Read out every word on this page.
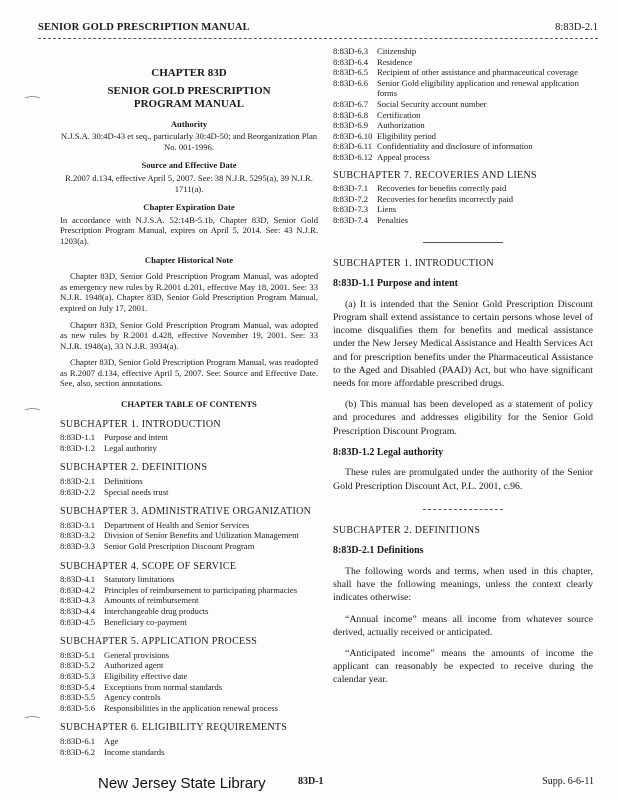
SENIOR GOLD PRESCRIPTION MANUAL	8:83D-2.1
CHAPTER 83D
SENIOR GOLD PRESCRIPTION PROGRAM MANUAL
Authority
N.J.S.A. 30:4D-43 et seq., particularly 30:4D-50; and Reorganization Plan No. 001-1996.
Source and Effective Date
R.2007 d.134, effective April 5, 2007. See: 38 N.J.R. 5295(a), 39 N.J.R. 1711(a).
Chapter Expiration Date
In accordance with N.J.S.A. 52:14B-5.1b, Chapter 83D, Senior Gold Prescription Program Manual, expires on April 5, 2014. See: 43 N.J.R. 1203(a).
Chapter Historical Note
Chapter 83D, Senior Gold Prescription Program Manual, was adopted as emergency new rules by R.2001 d.201, effective May 18, 2001. See: 33 N.J.R. 1948(a). Chapter 83D, Senior Gold Prescription Program Manual, expired on July 17, 2001.
Chapter 83D, Senior Gold Prescription Program Manual, was adopted as new rules by R.2001 d.428, effective November 19, 2001. See: 33 N.J.R. 1948(a), 33 N.J.R. 3934(a).
Chapter 83D, Senior Gold Prescription Program Manual, was readopted as R.2007 d.134, effective April 5, 2007. See: Source and Effective Date. See, also, section annotations.
CHAPTER TABLE OF CONTENTS
SUBCHAPTER 1. INTRODUCTION
8:83D-1.1	Purpose and intent
8:83D-1.2	Legal authority
SUBCHAPTER 2. DEFINITIONS
8:83D-2.1	Definitions
8:83D-2.2	Special needs trust
SUBCHAPTER 3. ADMINISTRATIVE ORGANIZATION
8:83D-3.1	Department of Health and Senior Services
8:83D-3.2	Division of Senior Benefits and Utilization Management
8:83D-3.3	Senior Gold Prescription Discount Program
SUBCHAPTER 4. SCOPE OF SERVICE
8:83D-4.1	Statutory limitations
8:83D-4.2	Principles of reimbursement to participating pharmacies
8:83D-4.3	Amounts of reimbursement
8:83D-4.4	Interchangeable drug products
8:83D-4.5	Beneficiary co-payment
SUBCHAPTER 5. APPLICATION PROCESS
8:83D-5.1	General provisions
8:83D-5.2	Authorized agent
8:83D-5.3	Eligibility effective date
8:83D-5.4	Exceptions from normal standards
8:83D-5.5	Agency controls
8:83D-5.6	Responsibilities in the application renewal process
SUBCHAPTER 6. ELIGIBILITY REQUIREMENTS
8:83D-6.1	Age
8:83D-6.2	Income standards
8:83D-6.3	Citizenship
8:83D-6.4	Residence
8:83D-6.5	Recipient of other assistance and pharmaceutical coverage
8:83D-6.6	Senior Gold eligibility application and renewal application forms
8:83D-6.7	Social Security account number
8:83D-6.8	Certification
8:83D-6.9	Authorization
8:83D-6.10 Eligibility period
8:83D-6.11 Confidentiality and disclosure of information
8:83D-6.12 Appeal process
SUBCHAPTER 7. RECOVERIES AND LIENS
8:83D-7.1	Recoveries for benefits correctly paid
8:83D-7.2	Recoveries for benefits incorrectly paid
8:83D-7.3	Liens
8:83D-7.4	Penalties
SUBCHAPTER 1. INTRODUCTION
8:83D-1.1 Purpose and intent
(a) It is intended that the Senior Gold Prescription Discount Program shall extend assistance to certain persons whose level of income disqualifies them for benefits and medical assistance under the New Jersey Medical Assistance and Health Services Act and for prescription benefits under the Pharmaceutical Assistance to the Aged and Disabled (PAAD) Act, but who have significant needs for more affordable prescribed drugs.
(b) This manual has been developed as a statement of policy and procedures and addresses eligibility for the Senior Gold Prescription Discount Program.
8:83D-1.2 Legal authority
These rules are promulgated under the authority of the Senior Gold Prescription Discount Act, P.L. 2001, c.96.
SUBCHAPTER 2. DEFINITIONS
8:83D-2.1 Definitions
The following words and terms, when used in this chapter, shall have the following meanings, unless the context clearly indicates otherwise:
“Annual income” means all income from whatever source derived, actually received or anticipated.
“Anticipated income” means the amounts of income the applicant can reasonably be expected to receive during the calendar year.
New Jersey State Library	83D-1	Supp. 6-6-11
